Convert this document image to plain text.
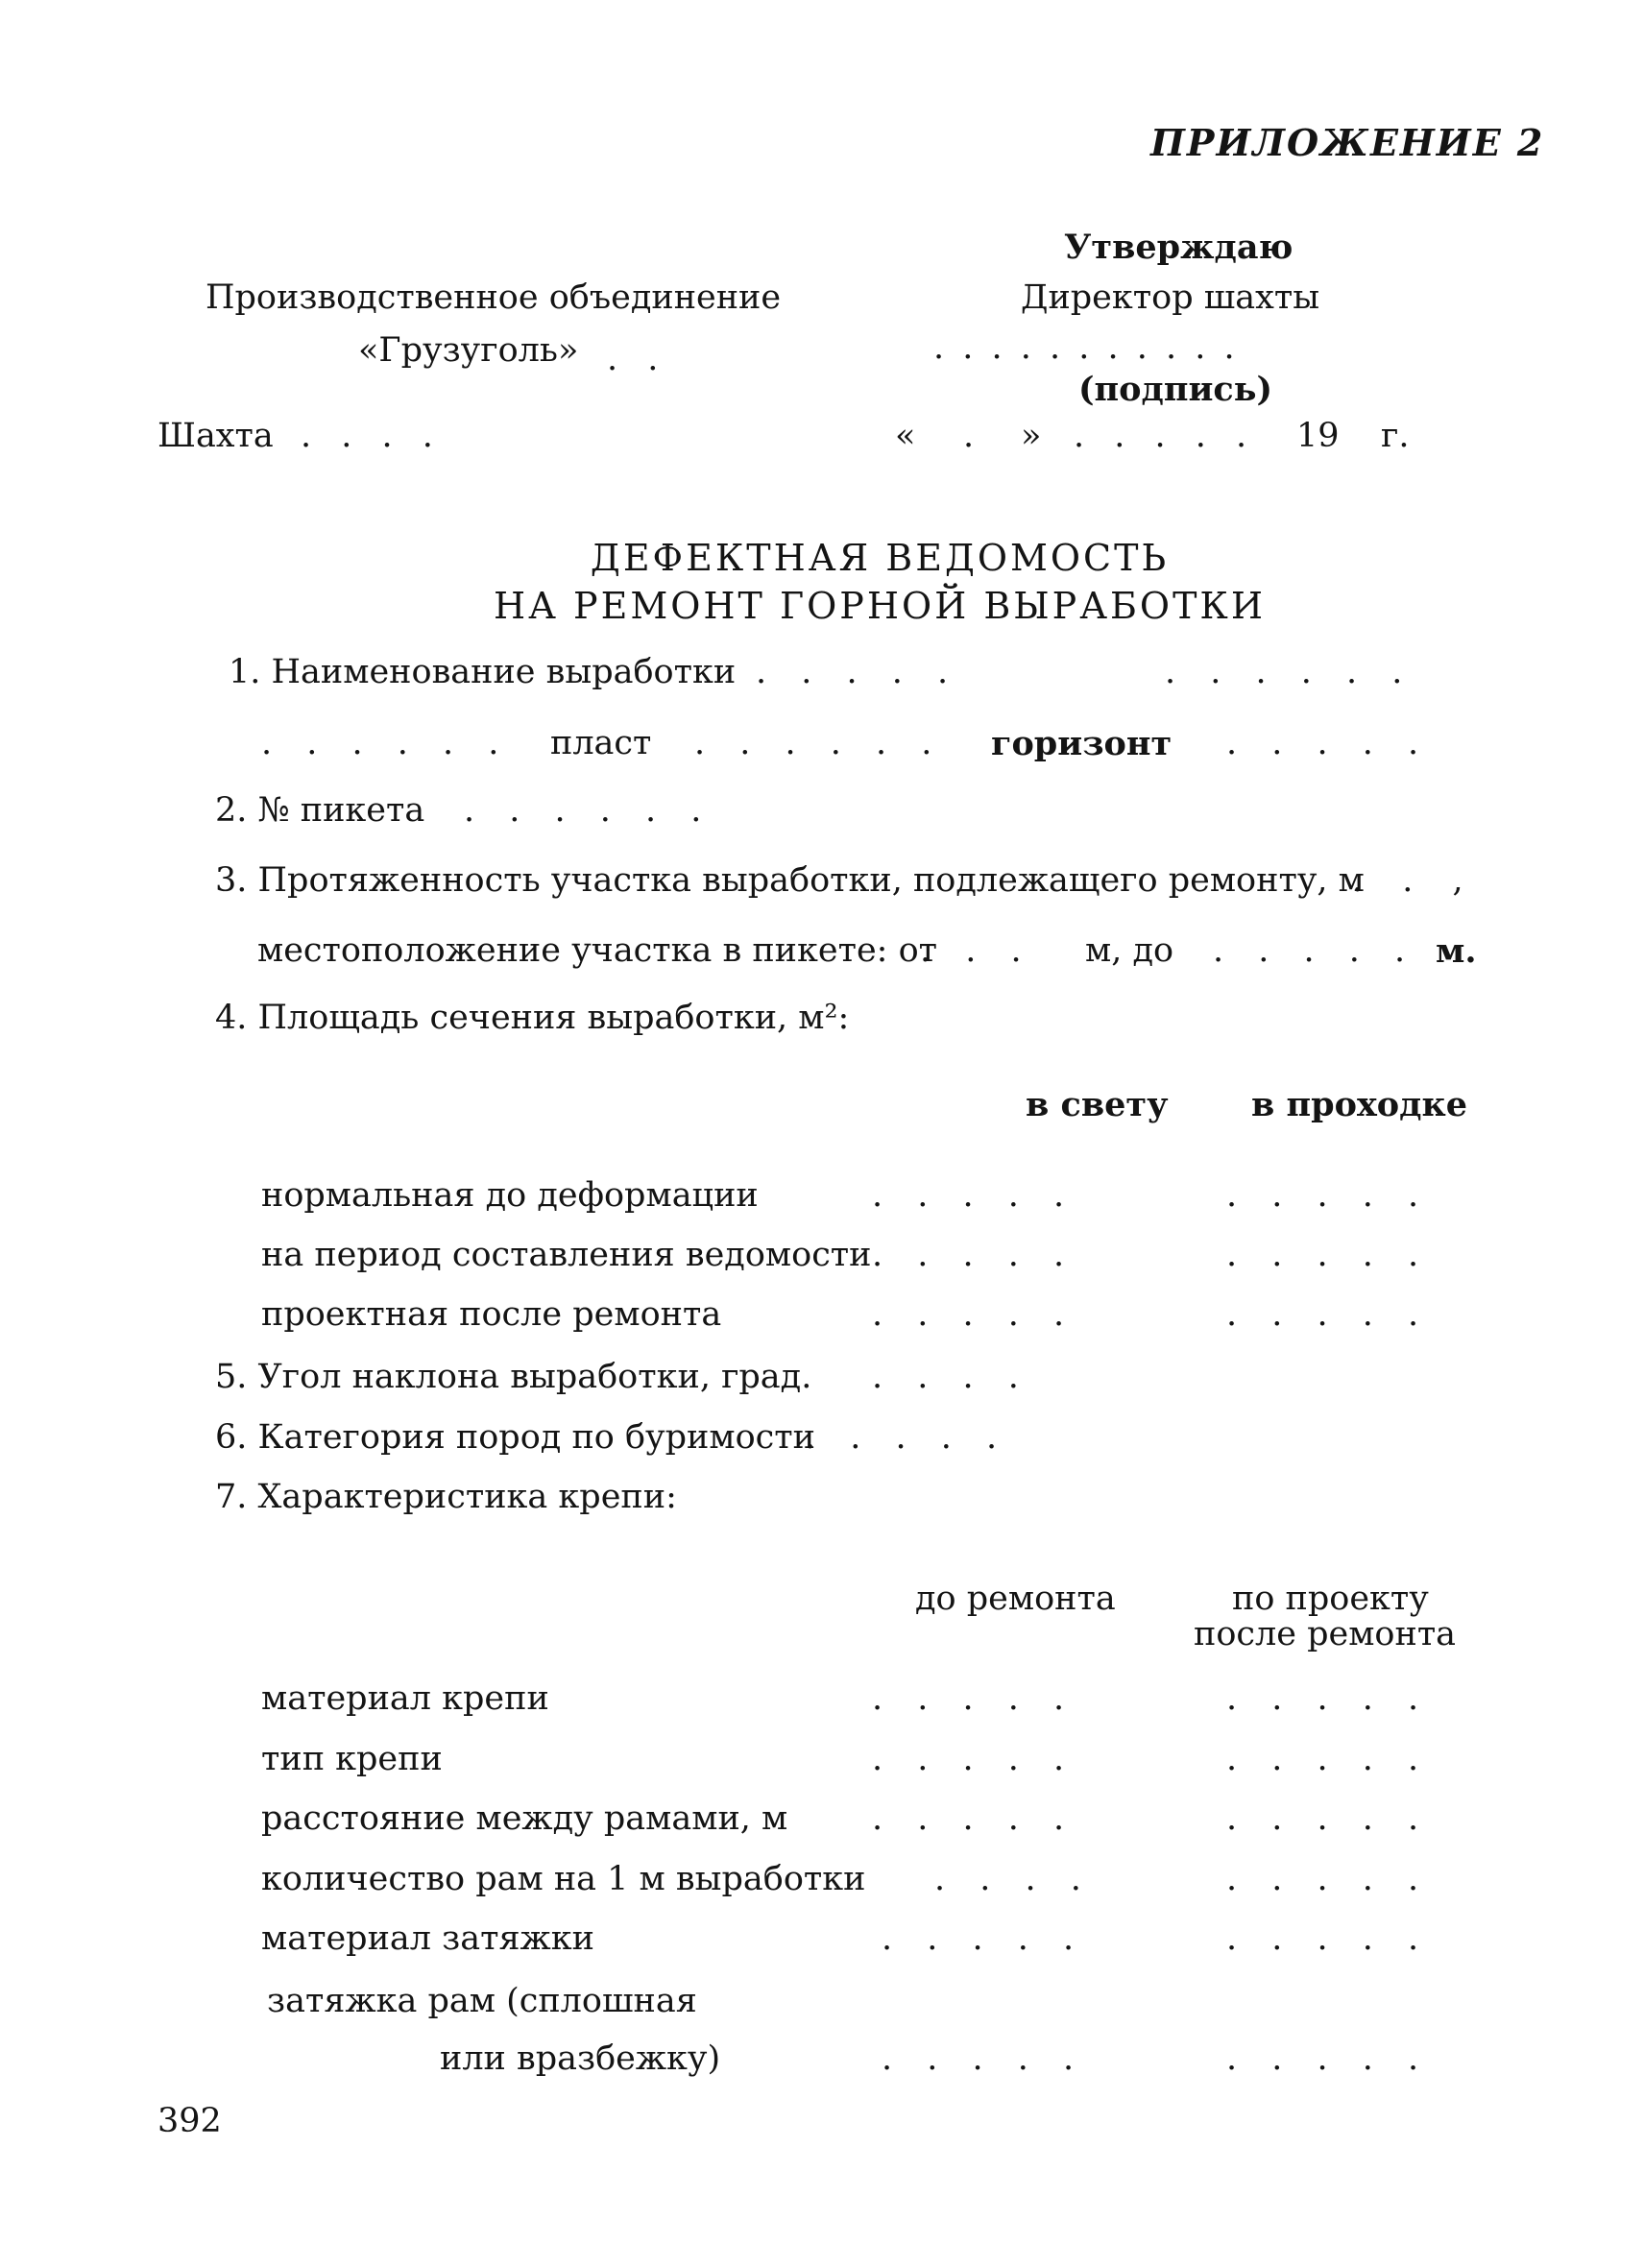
ПРИЛОЖЕНИЕ 2
Утверждаю
Директор шахты
. . . . . . . . . . .
(подпись)
Производственное объединение
«Грузуголь» . .
Шахта . . . .	« . » . . . . . 19 г.
ДЕФЕКТНАЯ ВЕДОМОСТЬ
НА РЕМОНТ ГОРНОЙ ВЫРАБОТКИ
1. Наименование выработки . . . . .	. . . . . .
. . . . . . пласт . . . . . . горизонт . . . . .
2. № пикета . . . . . .
3. Протяженность участка выработки, подлежащего ремонту, м
. . ,
местоположение участка в пикете: от
. . . м, до . . . . . м.
4. Площадь сечения выработки, м²:
в свету в проходке
нормальная до деформации	. . . . .	. . . . .
на период составления ведомости . . . . .	. . . . .
проектная после ремонта	. . . . .	. . . . .
5. Угол наклона выработки, град. . . . .
6. Категория пород по буримости
. . . . .
7. Характеристика крепи:
до ремонта	по проекту
после ремонта
материал крепи	. . . . .	. . . . .
тип крепи	. . . . .	. . . . .
расстояние между рамами, м	. . . . .	. . . . .
количество рам на 1 м выработки . . . .	. . . . .
материал затяжки	. . . . .	. . . . .
затяжка рам (сплошная
или вразбежку)	. . . . .	. . . . .
392
